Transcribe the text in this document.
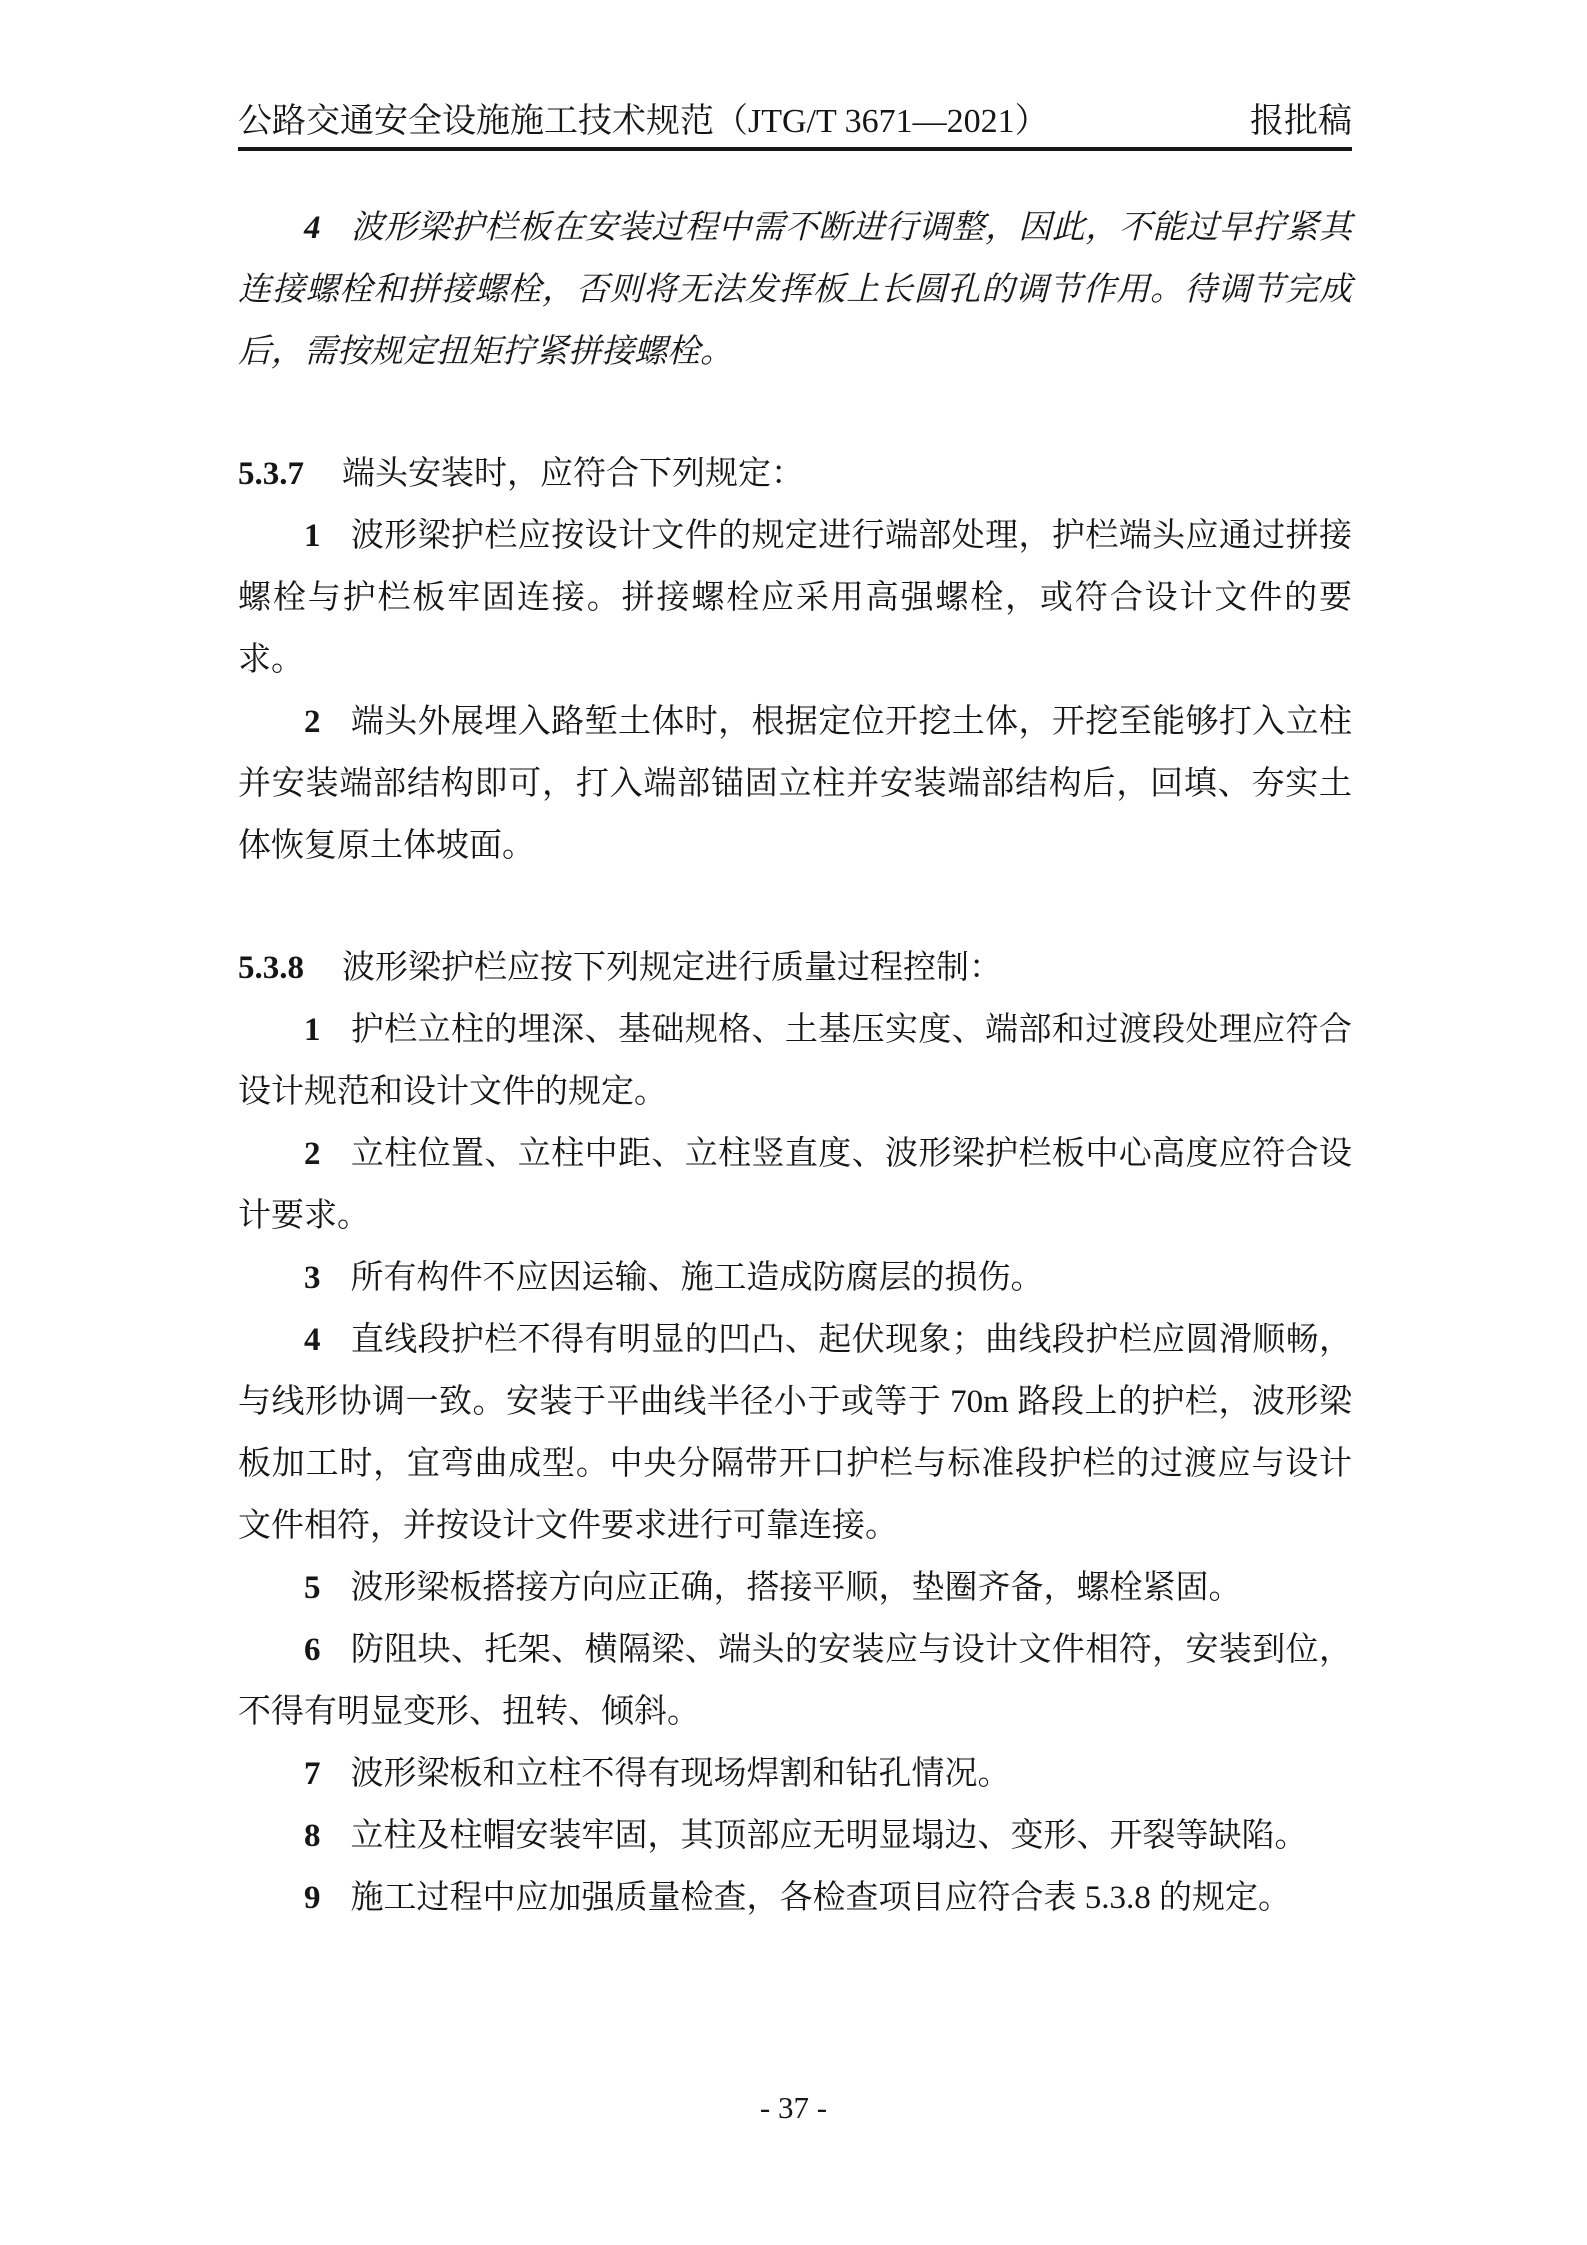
公路交通安全设施施工技术规范（JTG/T 3671—2021）	报批稿

4 波形梁护栏板在安装过程中需不断进行调整，因此，不能过早拧紧其连接螺栓和拼接螺栓，否则将无法发挥板上长圆孔的调节作用。待调节完成后，需按规定扭矩拧紧拼接螺栓。

5.3.7 端头安装时，应符合下列规定：

1 波形梁护栏应按设计文件的规定进行端部处理，护栏端头应通过拼接螺栓与护栏板牢固连接。拼接螺栓应采用高强螺栓，或符合设计文件的要求。

2 端头外展埋入路堑土体时，根据定位开挖土体，开挖至能够打入立柱并安装端部结构即可，打入端部锚固立柱并安装端部结构后，回填、夯实土体恢复原土体坡面。

5.3.8 波形梁护栏应按下列规定进行质量过程控制：

1 护栏立柱的埋深、基础规格、土基压实度、端部和过渡段处理应符合设计规范和设计文件的规定。

2 立柱位置、立柱中距、立柱竖直度、波形梁护栏板中心高度应符合设计要求。

3 所有构件不应因运输、施工造成防腐层的损伤。

4 直线段护栏不得有明显的凹凸、起伏现象；曲线段护栏应圆滑顺畅，与线形协调一致。安装于平曲线半径小于或等于 70m 路段上的护栏，波形梁板加工时，宜弯曲成型。中央分隔带开口护栏与标准段护栏的过渡应与设计文件相符，并按设计文件要求进行可靠连接。

5 波形梁板搭接方向应正确，搭接平顺，垫圈齐备，螺栓紧固。

6 防阻块、托架、横隔梁、端头的安装应与设计文件相符，安装到位，不得有明显变形、扭转、倾斜。

7 波形梁板和立柱不得有现场焊割和钻孔情况。

8 立柱及柱帽安装牢固，其顶部应无明显塌边、变形、开裂等缺陷。

9 施工过程中应加强质量检查，各检查项目应符合表 5.3.8 的规定。

- 37 -
